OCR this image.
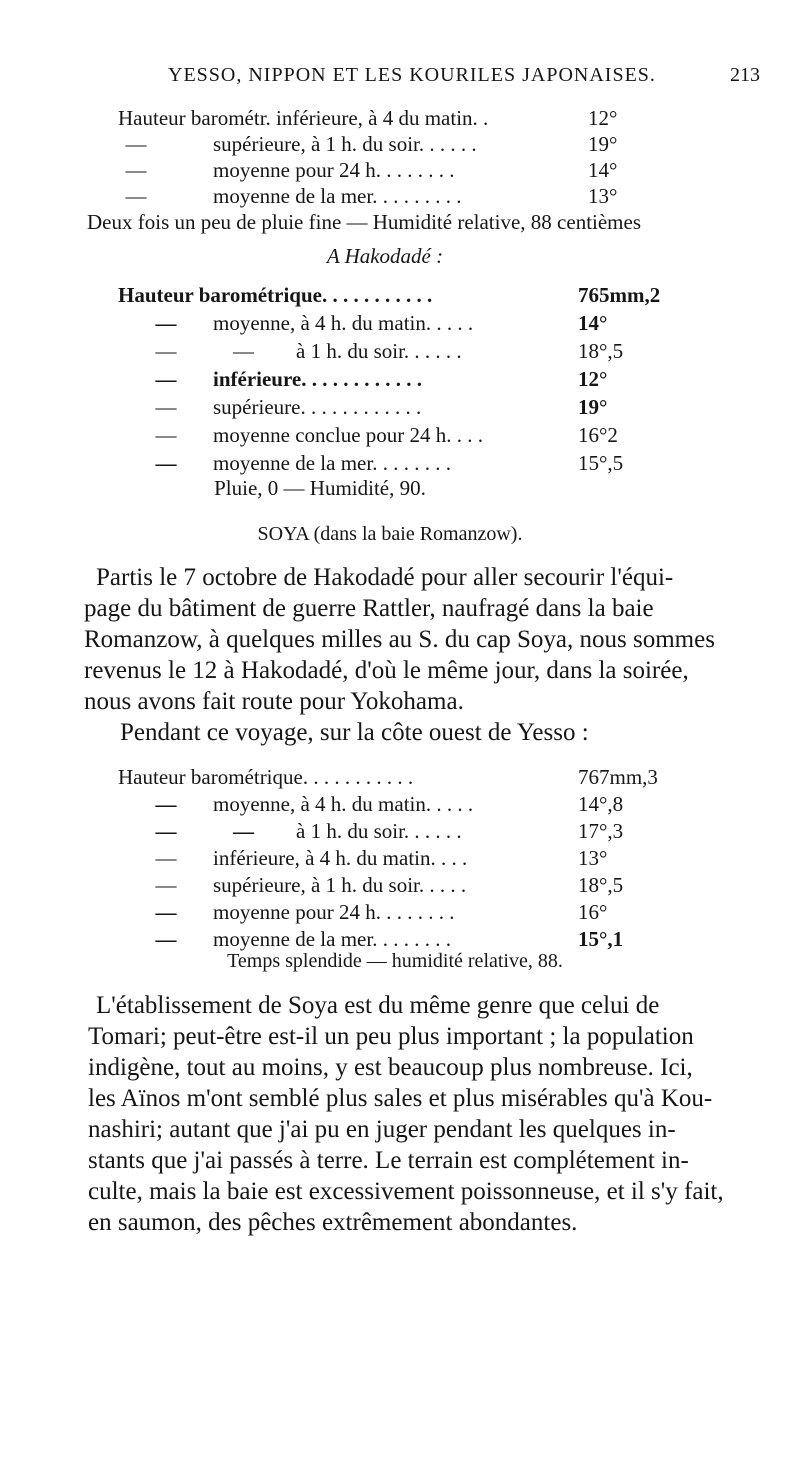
YESSO, NIPPON ET LES KOURILES JAPONAISES.	213
Hauteur barométr. inférieure, à 4 du matin. .	12°
—	supérieure, à 1 h. du soir. . . . . .	19°
—	moyenne pour 24 h. . . . . . . .	14°
—	moyenne de la mer. . . . . . . . .	13°
Deux fois un peu de pluie fine — Humidité relative, 88 centièmes
A Hakodadé :
Hauteur barométrique. . . . . . . . . . .	765mm,2
—	moyenne, à 4 h. du matin. . . . .	14°
—	— à 1 h. du soir. . . . . .	18°,5
—	inférieure. . . . . . . . . . . .	12°
—	supérieure. . . . . . . . . . . .	19°
—	moyenne conclue pour 24 h. . . .	16°2
—	moyenne de la mer. . . . . . . .	15°,5
Pluie, 0 — Humidité, 90.
SOYA (dans la baie Romanzow).
Partis le 7 octobre de Hakodadé pour aller secourir l'équi-
page du bâtiment de guerre Rattler, naufragé dans la baie
Romanzow, à quelques milles au S. du cap Soya, nous sommes
revenus le 12 à Hakodadé, d'où le même jour, dans la soirée,
nous avons fait route pour Yokohama.
Pendant ce voyage, sur la côte ouest de Yesso :
Hauteur barométrique. . . . . . . . . . .	767mm,3
—	moyenne, à 4 h. du matin. . . . .	14°,8
—	— à 1 h. du soir. . . . . .	17°,3
—	inférieure, à 4 h. du matin. . . .	13°
—	supérieure, à 1 h. du soir. . . . .	18°,5
—	moyenne pour 24 h. . . . . . . .	16°
—	moyenne de la mer. . . . . . . .	15°,1
Temps splendide — humidité relative, 88.
L'établissement de Soya est du même genre que celui de
Tomari; peut-être est-il un peu plus important ; la population
indigène, tout au moins, y est beaucoup plus nombreuse. Ici,
les Aïnos m'ont semblé plus sales et plus misérables qu'à Kou-
nashiri; autant que j'ai pu en juger pendant les quelques in-
stants que j'ai passés à terre. Le terrain est complétement in-
culte, mais la baie est excessivement poissonneuse, et il s'y fait,
en saumon, des pêches extrêmement abondantes.
